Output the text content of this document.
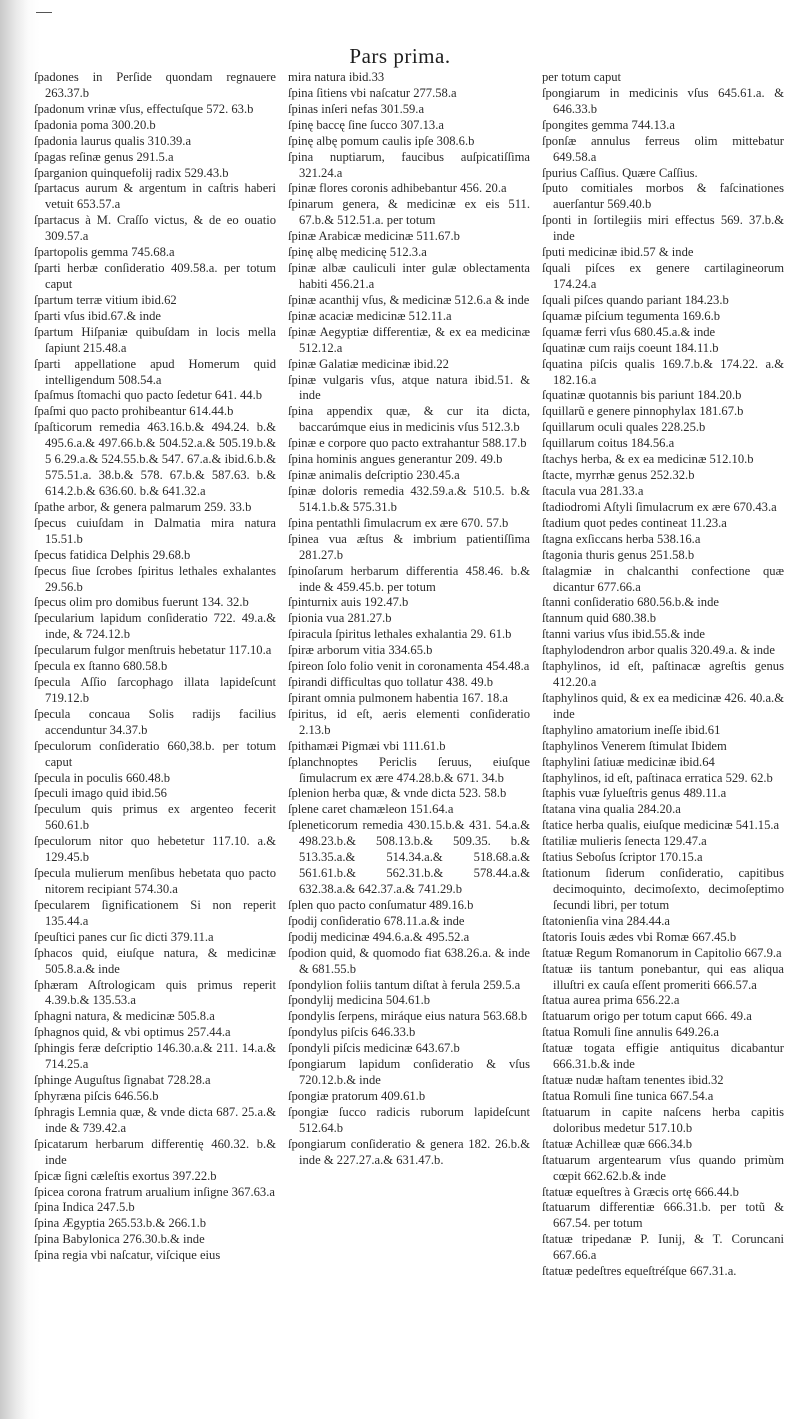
Pars prima.
ſpadones in Perſide quondam regnauere 263.37.b
ſpadonum vrinæ vſus, effectuſque 572. 63.b
ſpadonia poma 300.20.b
ſpadonia laurus qualis 310.39.a
ſpagas reſinæ genus 291.5.a
ſparganion quinquefolij radix 529.43.b
ſpartacus aurum & argentum in caſtris haberi vetuit 653.57.a
ſpartacus à M. Craſſo victus, & de eo ouatio 309.57.a
ſpartopolis gemma 745.68.a
ſparti herbæ conſideratio 409.58.a. per totum caput
ſpartum terræ vitium ibid.62
ſparti vſus ibid.67.& inde
ſpartum Hiſpaniæ quibuſdam in locis mella ſapiunt 215.48.a
ſparti appellatione apud Homerum quid intelligendum 508.54.a
ſpaſmus ſtomachi quo pacto ſedetur 641. 44.b
ſpaſmi quo pacto prohibeantur 614.44.b
ſpaſticorum remedia 463.16.b.& 494.24. b.& 495.6.a.& 497.66.b.& 504.52.a.& 505.19.b.& 5 6.29.a.& 524.55.b.& 547. 67.a.& ibid.6.b.& 575.51.a. 38.b.& 578. 67.b.& 587.63. b.& 614.2.b.& 636.60. b.& 641.32.a
ſpathe arbor, & genera palmarum 259. 33.b
ſpecus cuiuſdam in Dalmatia mira natura 15.51.b
ſpecus fatidica Delphis 29.68.b
ſpecus ſiue ſcrobes ſpiritus lethales exhalantes 29.56.b
ſpecus olim pro domibus fuerunt 134. 32.b
ſpecularium lapidum conſideratio 722. 49.a.& inde, & 724.12.b
ſpecularum fulgor menſtruis hebetatur 117.10.a
ſpecula ex ſtanno 680.58.b
ſpecula Aſſio ſarcophago illata lapideſcunt 719.12.b
ſpecula concaua Solis radijs facilius accenduntur 34.37.b
ſpeculorum conſideratio 660,38.b. per totum caput
ſpecula in poculis 660.48.b
ſpeculi imago quid ibid.56
ſpeculum quis primus ex argenteo fecerit 560.61.b
ſpeculorum nitor quo hebetetur 117.10. a.& 129.45.b
ſpecula mulierum menſibus hebetata quo pacto nitorem recipiant 574.30.a
ſpecularem ſignificationem Si non reperit 135.44.a
ſpeuſtici panes cur ſic dicti 379.11.a
ſphacos quid, eiuſque natura, & medicinæ 505.8.a.& inde
ſphæram Aſtrologicam quis primus reperit 4.39.b.& 135.53.a
ſphagni natura, & medicinæ 505.8.a
ſphagnos quid, & vbi optimus 257.44.a
ſphingis feræ deſcriptio 146.30.a.& 211. 14.a.& 714.25.a
ſphinge Auguſtus ſignabat 728.28.a
ſphyræna piſcis 646.56.b
ſphragis Lemnia quæ, & vnde dicta 687. 25.a.& inde & 739.42.a
ſpicatarum herbarum differentię 460.32. b.& inde
ſpicæ ſigni cæleſtis exortus 397.22.b
ſpicea corona fratrum arualium inſigne 367.63.a
ſpina Indica 247.5.b
ſpina Ægyptia 265.53.b.& 266.1.b
ſpina Babylonica 276.30.b.& inde
ſpina regia vbi naſcatur, viſcique eius
mira natura ibid.33
ſpina ſitiens vbi naſcatur 277.58.a
ſpinas inſeri nefas 301.59.a
ſpinę baccę ſine ſucco 307.13.a
ſpinę albę pomum caulis ipſe 308.6.b
ſpina nuptiarum, faucibus auſpicatiſſima 321.24.a
ſpinæ flores coronis adhibebantur 456. 20.a
ſpinarum genera, & medicinæ ex eis 511. 67.b.& 512.51.a. per totum
ſpinæ Arabicæ medicinæ 511.67.b
ſpinę albę medicinę 512.3.a
ſpinæ albæ cauliculi inter gulæ oblectamenta habiti 456.21.a
ſpinæ acanthij vſus, & medicinæ 512.6.a & inde
ſpinæ acaciæ medicinæ 512.11.a
ſpinæ Aegyptiæ differentiæ, & ex ea medicinæ 512.12.a
ſpinæ Galatiæ medicinæ ibid.22
ſpinæ vulgaris vſus, atque natura ibid.51. & inde
ſpina appendix quæ, & cur ita dicta, baccarúmque eius in medicinis vſus 512.3.b
ſpinæ e corpore quo pacto extrahantur 588.17.b
ſpina hominis angues generantur 209. 49.b
ſpinæ animalis deſcriptio 230.45.a
ſpinæ doloris remedia 432.59.a.& 510.5. b.& 514.1.b.& 575.31.b
ſpina pentathli ſimulacrum ex ære 670. 57.b
ſpinea vua æſtus & imbrium patientiſſima 281.27.b
ſpinoſarum herbarum differentia 458.46. b.& inde & 459.45.b. per totum
ſpinturnix auis 192.47.b
ſpionia vua 281.27.b
ſpiracula ſpiritus lethales exhalantia 29. 61.b
ſpiræ arborum vitia 334.65.b
ſpireon ſolo folio venit in coronamenta 454.48.a
ſpirandi difficultas quo tollatur 438. 49.b
ſpirant omnia pulmonem habentia 167. 18.a
ſpiritus, id eſt, aeris elementi conſideratio 2.13.b
ſpithamæi Pigmæi vbi 111.61.b
ſplanchnoptes Periclis ſeruus, eiuſque ſimulacrum ex ære 474.28.b.& 671. 34.b
ſplenion herba quæ, & vnde dicta 523. 58.b
ſplene caret chamæleon 151.64.a
ſpleneticorum remedia 430.15.b.& 431. 54.a.& 498.23.b.& 508.13.b.& 509.35. b.& 513.35.a.& 514.34.a.& 518.68.a.& 561.61.b.& 562.31.b.& 578.44.a.& 632.38.a.& 642.37.a.& 741.29.b
ſplen quo pacto conſumatur 489.16.b
ſpodij conſideratio 678.11.a.& inde
ſpodij medicinæ 494.6.a.& 495.52.a
ſpodion quid, & quomodo fiat 638.26.a. & inde & 681.55.b
ſpondylion foliis tantum diſtat à ferula 259.5.a
ſpondylij medicina 504.61.b
ſpondylis ſerpens, miráque eius natura 563.68.b
ſpondylus piſcis 646.33.b
ſpondyli piſcis medicinæ 643.67.b
ſpongiarum lapidum conſideratio & vſus 720.12.b.& inde
ſpongiæ pratorum 409.61.b
ſpongiæ ſucco radicis ruborum lapideſcunt 512.64.b
ſpongiarum conſideratio & genera 182. 26.b.& inde & 227.27.a.& 631.47.b.
per totum caput
ſpongiarum in medicinis vſus 645.61.a. & 646.33.b
ſpongites gemma 744.13.a
ſponſæ annulus ferreus olim mittebatur 649.58.a
ſpurius Caſſius. Quære Caſſius.
ſputo comitiales morbos & faſcinationes auerſantur 569.40.b
ſponti in ſortilegiis miri effectus 569. 37.b.& inde
ſputi medicinæ ibid.57 & inde
ſquali piſces ex genere cartilagineorum 174.24.a
ſquali piſces quando pariant 184.23.b
ſquamæ piſcium tegumenta 169.6.b
ſquamæ ferri vſus 680.45.a.& inde
ſquatinæ cum raijs coeunt 184.11.b
ſquatina piſcis qualis 169.7.b.& 174.22. a.& 182.16.a
ſquatinæ quotannis bis pariunt 184.20.b
ſquillarũ e genere pinnophylax 181.67.b
ſquillarum oculi quales 228.25.b
ſquillarum coitus 184.56.a
ſtachys herba, & ex ea medicinæ 512.10.b
ſtacte, myrrhæ genus 252.32.b
ſtacula vua 281.33.a
ſtadiodromi Aſtyli ſimulacrum ex ære 670.43.a
ſtadium quot pedes contineat 11.23.a
ſtagna exſiccans herba 538.16.a
ſtagonia thuris genus 251.58.b
ſtalagmiæ in chalcanthi confectione quæ dicantur 677.66.a
ſtanni conſideratio 680.56.b.& inde
ſtannum quid 680.38.b
ſtanni varius vſus ibid.55.& inde
ſtaphylodendron arbor qualis 320.49.a. & inde
ſtaphylinos, id eſt, paſtinacæ agreſtis genus 412.20.a
ſtaphylinos quid, & ex ea medicinæ 426. 40.a.& inde
ſtaphylino amatorium ineſſe ibid.61
ſtaphylinos Venerem ſtimulat Ibidem
ſtaphylini ſatiuæ medicinæ ibid.64
ſtaphylinos, id eſt, paſtinaca erratica 529. 62.b
ſtaphis vuæ ſylueſtris genus 489.11.a
ſtatana vina qualia 284.20.a
ſtatice herba qualis, eiuſque medicinæ 541.15.a
ſtatiliæ mulieris ſenecta 129.47.a
ſtatius Seboſus ſcriptor 170.15.a
ſtationum ſiderum conſideratio, capitibus decimoquinto, decimoſexto, decimoſeptimo ſecundi libri, per totum
ſtatonienſia vina 284.44.a
ſtatoris Iouis ædes vbi Romæ 667.45.b
ſtatuæ Regum Romanorum in Capitolio 667.9.a
ſtatuæ iis tantum ponebantur, qui eas aliqua illuſtri ex cauſa eſſent promeriti 666.57.a
ſtatua aurea prima 656.22.a
ſtatuarum origo per totum caput 666. 49.a
ſtatua Romuli ſine annulis 649.26.a
ſtatuæ togata effigie antiquitus dicabantur 666.31.b.& inde
ſtatuæ nudæ haſtam tenentes ibid.32
ſtatua Romuli ſine tunica 667.54.a
ſtatuarum in capite naſcens herba capitis doloribus medetur 517.10.b
ſtatuæ Achilleæ quæ 666.34.b
ſtatuarum argentearum vſus quando primùm cœpit 662.62.b.& inde
ſtatuæ equeſtres à Græcis ortę 666.44.b
ſtatuarum differentiæ 666.31.b. per totũ & 667.54. per totum
ſtatuæ tripedanæ P. Iunij, & T. Coruncani 667.66.a
ſtatuæ pedeſtres equeſtréſque 667.31.a.
